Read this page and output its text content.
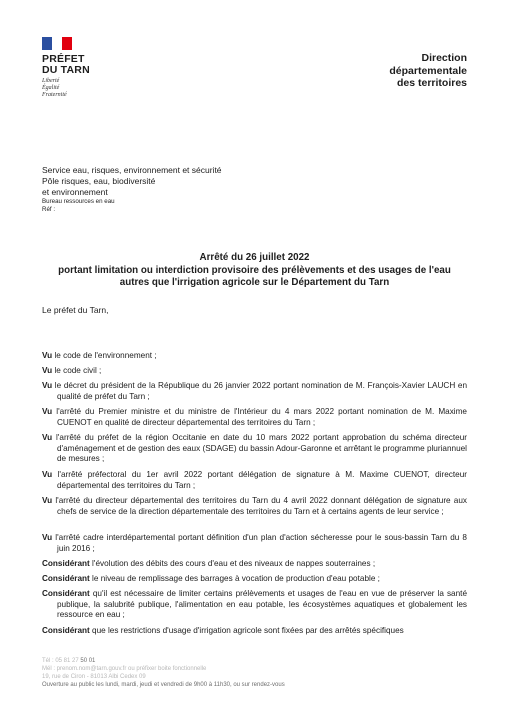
PRÉFET
DU TARN
Liberté
Égalité
Fraternité
Direction
départementale
des territoires
Service eau, risques, environnement et sécurité
Pôle risques, eau, biodiversité
et environnement
Bureau ressources en eau
Réf :
Arrêté du 26 juillet 2022
portant limitation ou interdiction provisoire des prélèvements et des usages de l'eau
autres que l'irrigation agricole sur le Département du Tarn
Le préfet du Tarn,
Vu le code de l'environnement ;
Vu le code civil ;
Vu le décret du président de la République du 26 janvier 2022 portant nomination de M. François-Xavier LAUCH en qualité de préfet du Tarn ;
Vu l'arrêté du Premier ministre et du ministre de l'Intérieur du 4 mars 2022 portant nomination de M. Maxime CUENOT en qualité de directeur départemental des territoires du Tarn ;
Vu l'arrêté du préfet de la région Occitanie en date du 10 mars 2022 portant approbation du schéma directeur d'aménagement et de gestion des eaux (SDAGE) du bassin Adour-Garonne et arrêtant le programme pluriannuel de mesures ;
Vu l'arrêté préfectoral du 1er avril 2022 portant délégation de signature à M. Maxime CUENOT, directeur départemental des territoires du Tarn ;
Vu l'arrêté du directeur départemental des territoires du Tarn du 4 avril 2022 donnant délégation de signature aux chefs de service de la direction départementale des territoires du Tarn et à certains agents de leur service ;
Vu l'arrêté cadre interdépartemental portant définition d'un plan d'action sécheresse pour le sous-bassin Tarn du 8 juin 2016 ;
Considérant l'évolution des débits des cours d'eau et des niveaux de nappes souterraines ;
Considérant le niveau de remplissage des barrages à vocation de production d'eau potable ;
Considérant qu'il est nécessaire de limiter certains prélèvements et usages de l'eau en vue de préserver la santé publique, la salubrité publique, l'alimentation en eau potable, les écosystèmes aquatiques et globalement les ressource en eau ;
Considérant que les restrictions d'usage d'irrigation agricole sont fixées par des arrêtés spécifiques
Tél : 05 81 27 50 01
Mél : prenom.nom@tarn.gouv.fr ou préfixer boite fonctionnelle
19, rue de Ciron - 81013 Albi Cedex 09
Ouverture au public les lundi, mardi, jeudi et vendredi de 9h00 à 11h30, ou sur rendez-vous
